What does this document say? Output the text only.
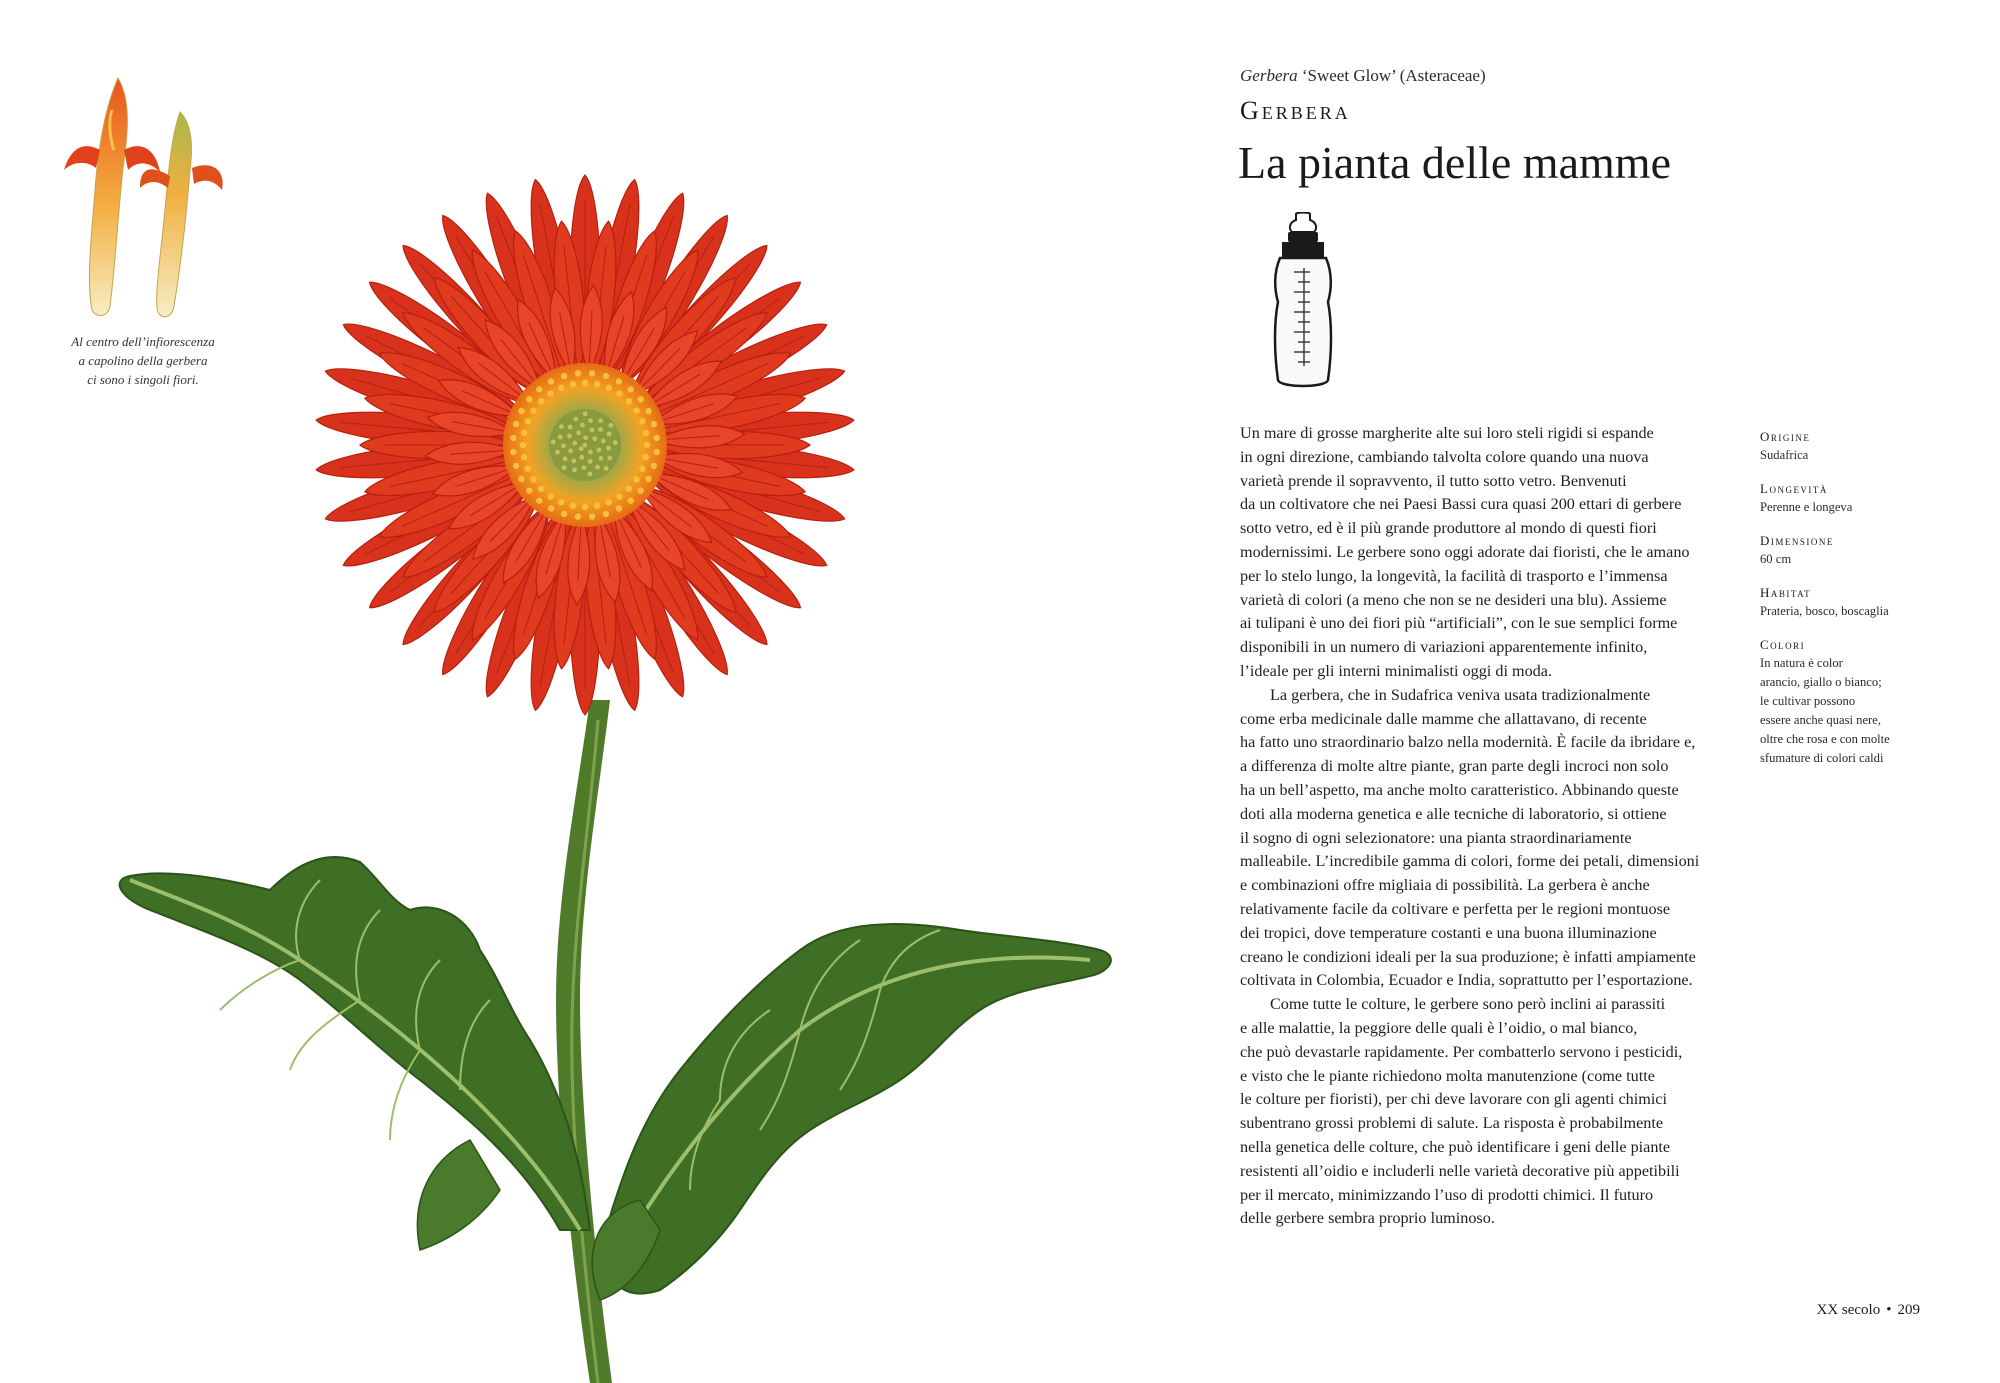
Al centro dell’infiorescenza
a capolino della gerbera
ci sono i singoli fiori.
Gerbera ‘Sweet Glow’ (Asteraceae)
Gerbera
La pianta delle mamme

Un mare di grosse margherite alte sui loro steli rigidi si espande
in ogni direzione, cambiando talvolta colore quando una nuova
varietà prende il sopravvento, il tutto sotto vetro. Benvenuti
da un coltivatore che nei Paesi Bassi cura quasi 200 ettari di gerbere
sotto vetro, ed è il più grande produttore al mondo di questi fiori
modernissimi. Le gerbere sono oggi adorate dai fioristi, che le amano
per lo stelo lungo, la longevità, la facilità di trasporto e l’immensa
varietà di colori (a meno che non se ne desideri una blu). Assieme
ai tulipani è uno dei fiori più “artificiali”, con le sue semplici forme
disponibili in un numero di variazioni apparentemente infinito,
l’ideale per gli interni minimalisti oggi di moda.

La gerbera, che in Sudafrica veniva usata tradizionalmente
come erba medicinale dalle mamme che allattavano, di recente
ha fatto uno straordinario balzo nella modernità. È facile da ibridare e,
a differenza di molte altre piante, gran parte degli incroci non solo
ha un bell’aspetto, ma anche molto caratteristico. Abbinando queste
doti alla moderna genetica e alle tecniche di laboratorio, si ottiene
il sogno di ogni selezionatore: una pianta straordinariamente
malleabile. L’incredibile gamma di colori, forme dei petali, dimensioni
e combinazioni offre migliaia di possibilità. La gerbera è anche
relativamente facile da coltivare e perfetta per le regioni montuose
dei tropici, dove temperature costanti e una buona illuminazione
creano le condizioni ideali per la sua produzione; è infatti ampiamente
coltivata in Colombia, Ecuador e India, soprattutto per l’esportazione.

Come tutte le colture, le gerbere sono però inclini ai parassiti
e alle malattie, la peggiore delle quali è l’oidio, o mal bianco,
che può devastarle rapidamente. Per combatterlo servono i pesticidi,
e visto che le piante richiedono molta manutenzione (come tutte
le colture per fioristi), per chi deve lavorare con gli agenti chimici
subentrano grossi problemi di salute. La risposta è probabilmente
nella genetica delle colture, che può identificare i geni delle piante
resistenti all’oidio e includerli nelle varietà decorative più appetibili
per il mercato, minimizzando l’uso di prodotti chimici. Il futuro
delle gerbere sembra proprio luminoso.

Origine
Sudafrica
Longevità
Perenne e longeva
Dimensione
60 cm
Habitat
Prateria, bosco, boscaglia
Colori
In natura è color
arancio, giallo o bianco;
le cultivar possono
essere anche quasi nere,
oltre che rosa e con molte
sfumature di colori caldi
XX secolo • 209
